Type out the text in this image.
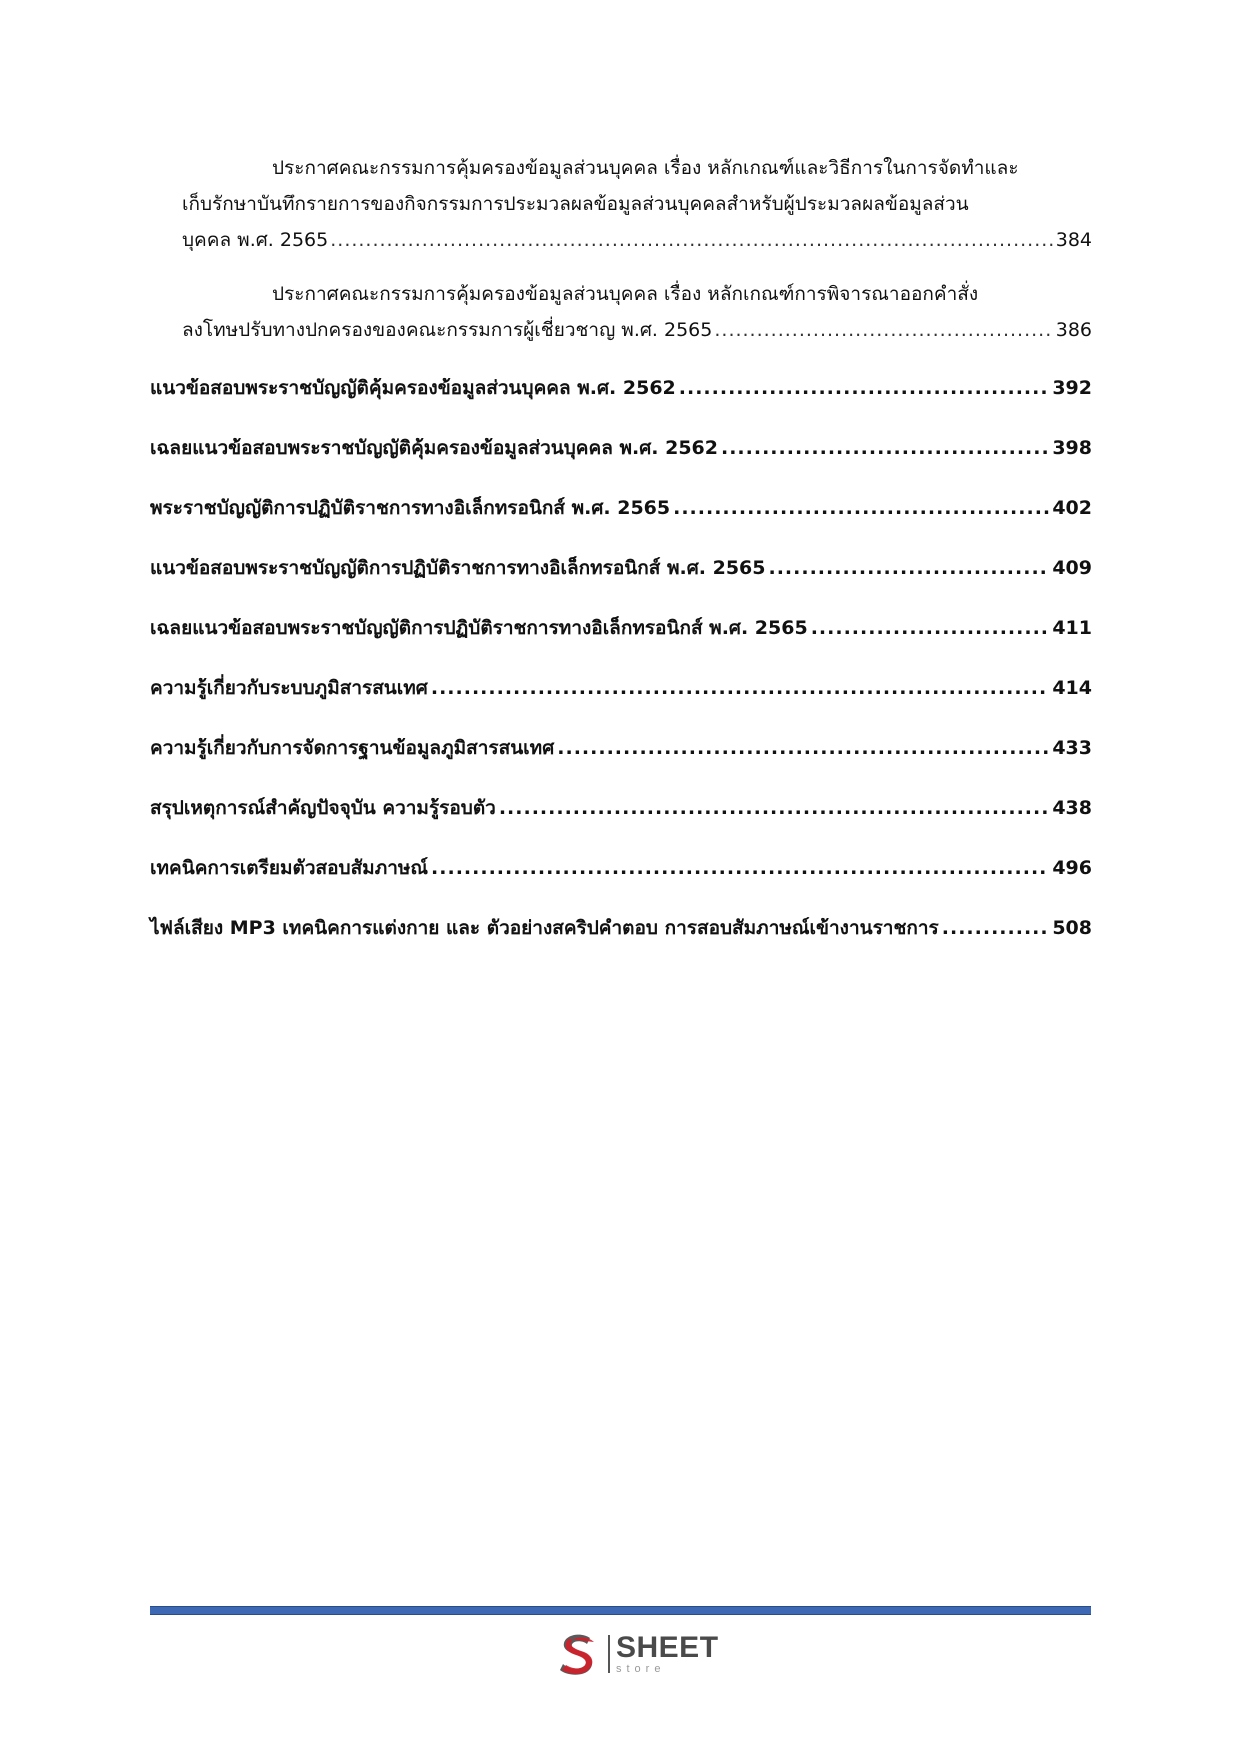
ประกาศคณะกรรมการคุ้มครองข้อมูลส่วนบุคคล เรื่อง หลักเกณฑ์และวิธีการในการจัดทำและ
เก็บรักษาบันทึกรายการของกิจกรรมการประมวลผลข้อมูลส่วนบุคคลสำหรับผู้ประมวลผลข้อมูลส่วน
บุคคล พ.ศ. 2565 .....	384
ประกาศคณะกรรมการคุ้มครองข้อมูลส่วนบุคคล เรื่อง หลักเกณฑ์การพิจารณาออกคำสั่ง
ลงโทษปรับทางปกครองของคณะกรรมการผู้เชี่ยวชาญ พ.ศ. 2565 .....	386
แนวข้อสอบพระราชบัญญัติคุ้มครองข้อมูลส่วนบุคคล พ.ศ. 2562 .....	392
เฉลยแนวข้อสอบพระราชบัญญัติคุ้มครองข้อมูลส่วนบุคคล พ.ศ. 2562 .....	398
พระราชบัญญัติการปฏิบัติราชการทางอิเล็กทรอนิกส์ พ.ศ. 2565 .....	402
แนวข้อสอบพระราชบัญญัติการปฏิบัติราชการทางอิเล็กทรอนิกส์ พ.ศ. 2565 .....	409
เฉลยแนวข้อสอบพระราชบัญญัติการปฏิบัติราชการทางอิเล็กทรอนิกส์ พ.ศ. 2565 .....	411
ความรู้เกี่ยวกับระบบภูมิสารสนเทศ .....	414
ความรู้เกี่ยวกับการจัดการฐานข้อมูลภูมิสารสนเทศ .....	433
สรุปเหตุการณ์สำคัญปัจจุบัน ความรู้รอบตัว .....	438
เทคนิคการเตรียมตัวสอบสัมภาษณ์ .....	496
ไฟล์เสียง MP3 เทคนิคการแต่งกาย และ ตัวอย่างสคริปคำตอบ การสอบสัมภาษณ์เข้างานราชการ .....	508
SHEET
store
